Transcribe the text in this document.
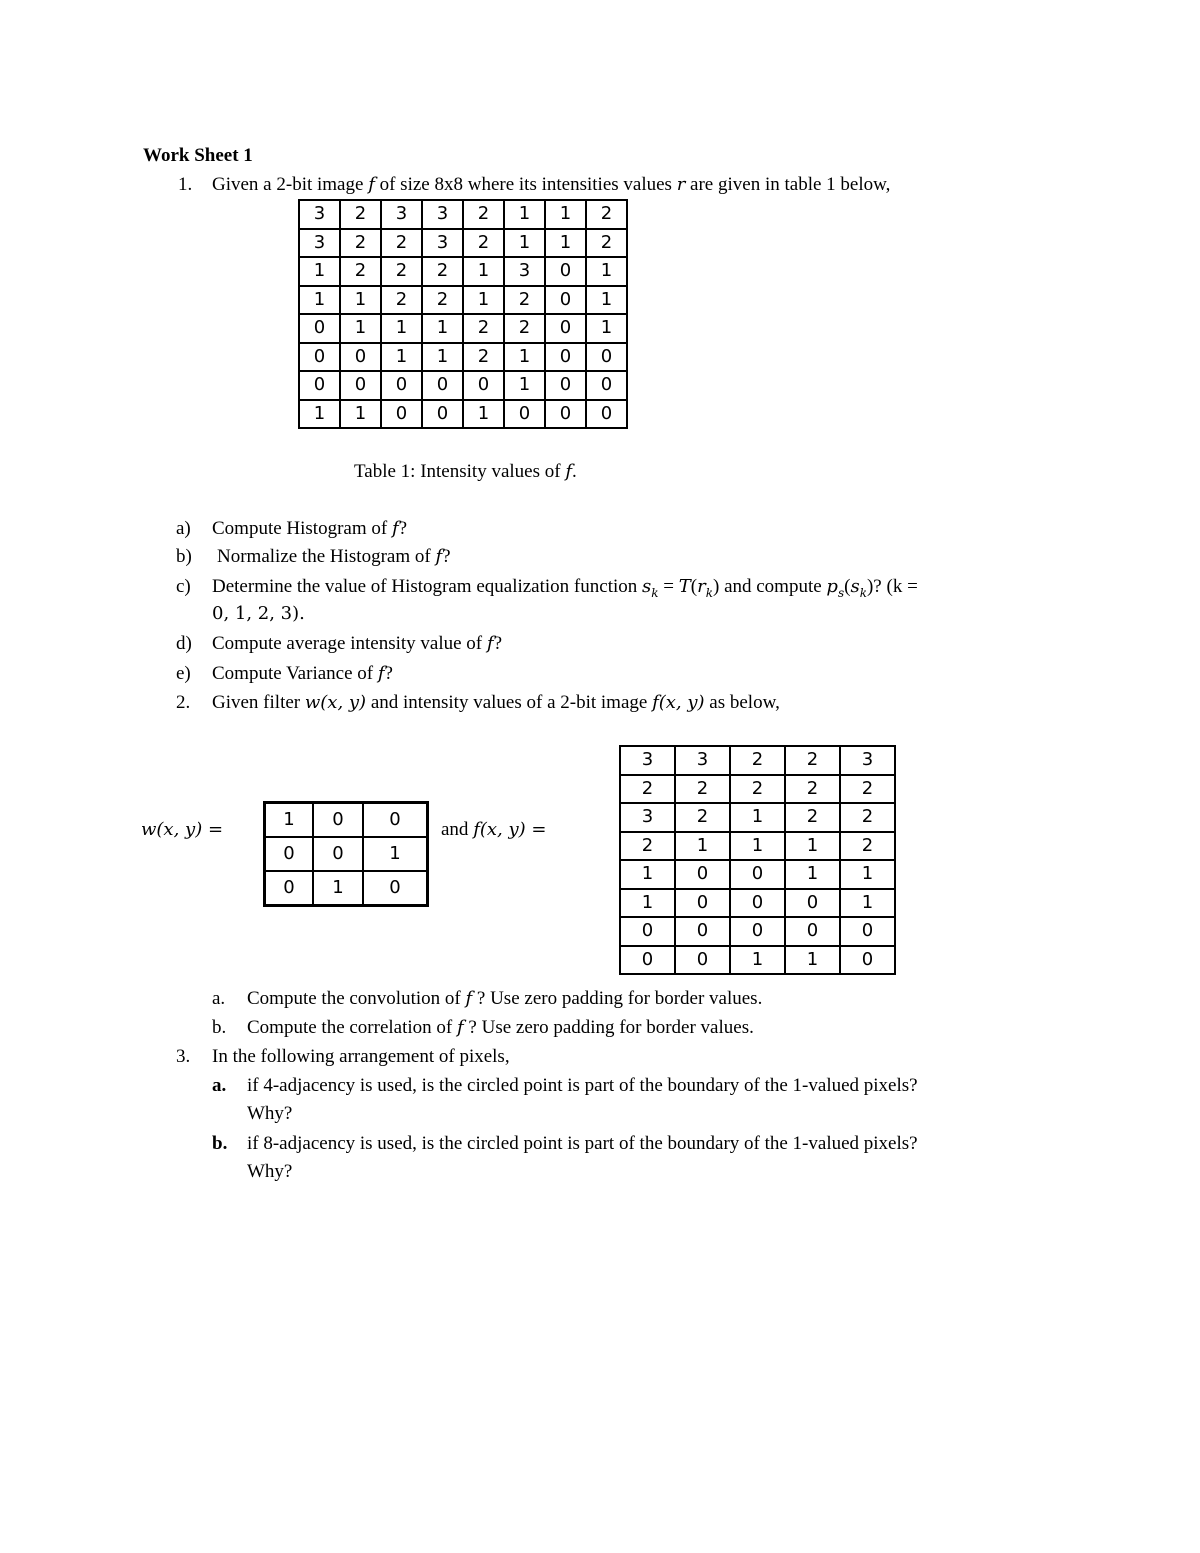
Work Sheet 1
1. Given a 2-bit image f of size 8x8 where its intensities values r are given in table 1 below,
3	2	3	3	2	1	1	2
3	2	2	3	2	1	1	2
1	2	2	2	1	3	0	1
1	1	2	2	1	2	0	1
0	1	1	1	2	2	0	1
0	0	1	1	2	1	0	0
0	0	0	0	0	1	0	0
1	1	0	0	1	0	0	0
Table 1: Intensity values of f.
a) Compute Histogram of f?
b) Normalize the Histogram of f?
c) Determine the value of Histogram equalization function $s_k = T(r_k)$ and compute $p_s(s_k)$? (k =
0, 1, 2, 3).
d) Compute average intensity value of f?
e) Compute Variance of f?
2. Given filter w(x, y) and intensity values of a 2-bit image f(x, y) as below,
w(x, y) =	1	0	0
0	0	1
0	1	0
and f(x, y) =
3	3	2	2	3
2	2	2	2	2
3	2	1	2	2
2	1	1	1	2
1	0	0	1	1
1	0	0	0	1
0	0	0	0	0
0	0	1	1	0
a. Compute the convolution of f ? Use zero padding for border values.
b. Compute the correlation of f ? Use zero padding for border values.
3. In the following arrangement of pixels,
a. if 4-adjacency is used, is the circled point is part of the boundary of the 1-valued pixels?
Why?
b. if 8-adjacency is used, is the circled point is part of the boundary of the 1-valued pixels?
Why?
